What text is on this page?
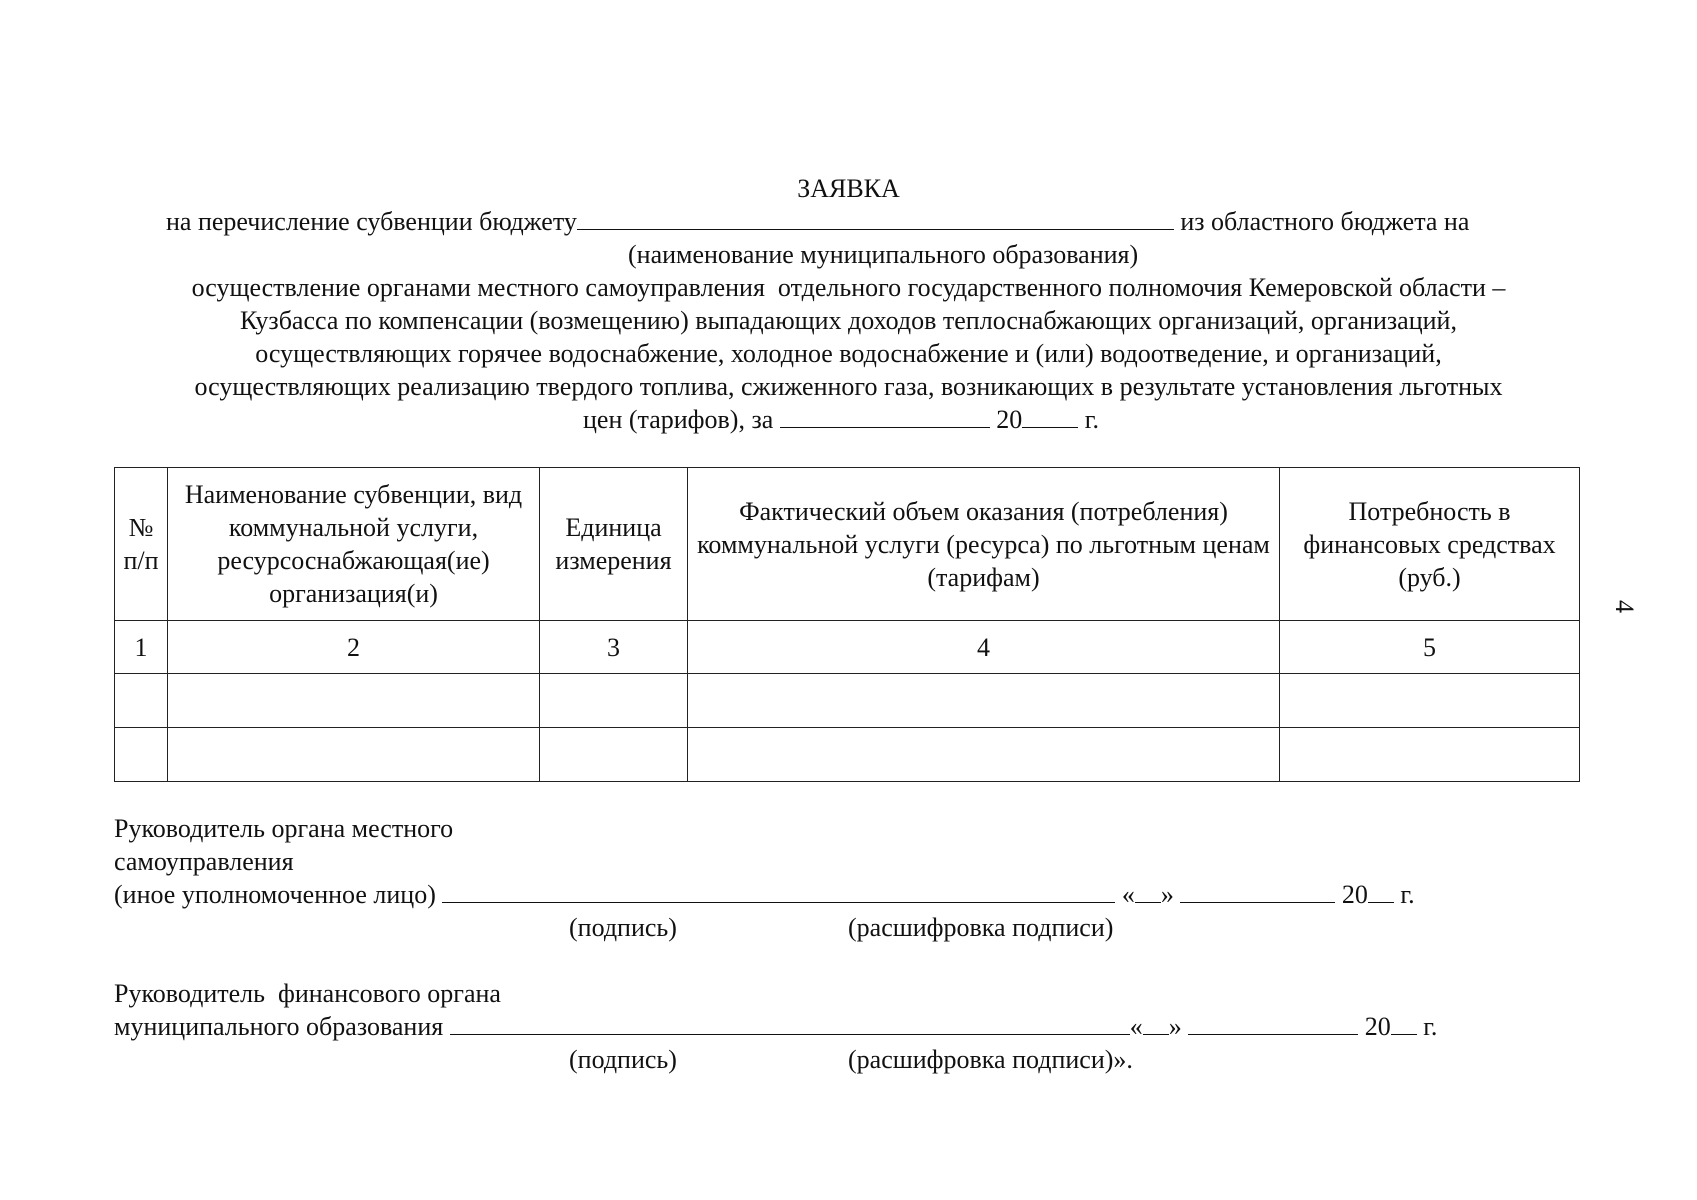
ЗАЯВКА
на перечисление субвенции бюджету	из областного бюджета на
(наименование муниципального образования)
осуществление органами местного самоуправления  отдельного государственного полномочия Кемеровской области –
Кузбасса по компенсации (возмещению) выпадающих доходов теплоснабжающих организаций, организаций,
осуществляющих горячее водоснабжение, холодное водоснабжение и (или) водоотведение, и организаций,
осуществляющих реализацию твердого топлива, сжиженного газа, возникающих в результате установления льготных
цен (тарифов), за	20 г.
№ п/п	Наименование субвенции, вид коммунальной услуги, ресурсоснабжающая(ие) организация(и)	Единица измерения	Фактический объем оказания (потребления) коммунальной услуги (ресурса) по льготным ценам (тарифам)	Потребность в финансовых средствах (руб.)
1	2	3	4	5

4
Руководитель органа местного
самоуправления
(иное уполномоченное лицо)	« »	20 г.
(подпись)	(расшифровка подписи)
Руководитель  финансового органа
муниципального образования	« »	20 г.
(подпись)	(расшифровка подписи)».
